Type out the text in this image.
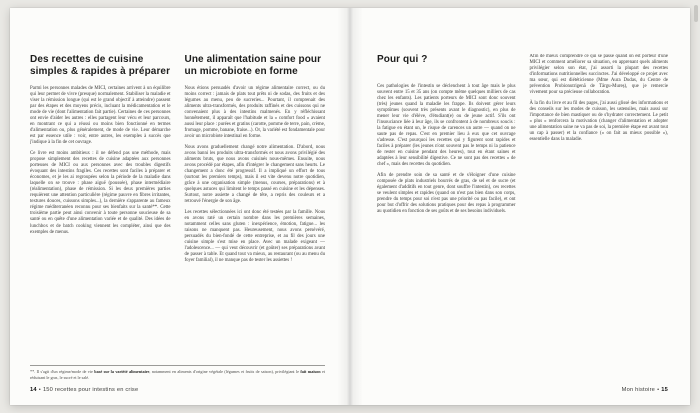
Des recettes de cuisine simples & rapides à préparer

Parmi les personnes malades de MICI, certaines arrivent à un équilibre qui leur permet de vivre (presque) normalement. Stabiliser la maladie et viser la rémission longue (qui est le grand objectif à atteindre) passent par des étapes et des moyens précis, incluant la médicamentation et le mode de vie (dont l'alimentation fait partie). Certaines de ces personnes ont envie d'aider les autres : elles partagent leur vécu et leur parcours, en montrant ce qui a réussi ou moins bien fonctionné en termes d'alimentation ou, plus généralement, de mode de vie. Leur démarche est par essence utile : voir, entre autres, les exemples à succès que j'indique à la fin de cet ouvrage.

Ce livre est moins ambitieux : il ne défend pas une méthode, mais propose simplement des recettes de cuisine adaptées aux personnes porteuses de MICI ou aux personnes avec des troubles digestifs évoquant des intestins fragiles. Ces recettes sont faciles à préparer et économes, et je les ai regroupées selon la période de la maladie dans laquelle on se trouve : phase aiguë (poussée), phase intermédiaire (réalimentation), phase de rémission. Si les deux premières parties requièrent une attention particulière (régime pauvre en fibres irritantes, textures douces, cuissons simples...), la dernière s'apparente au fameux régime méditerranéen reconnu pour ses bienfaits sur la santé**. Cette troisième partie peut ainsi convenir à toute personne soucieuse de sa santé ou en quête d'une alimentation variée et de qualité. Des idées de lunchbox et de batch cooking viennent les compléter, ainsi que des exemples de menus.

Une alimentation saine pour un microbiote en forme

Nous étions persuadés d'avoir un régime alimentaire correct, ou du moins correct : jamais de plats tout prêts ni de sodas, des fruits et des légumes au menu, peu de sucreries... Pourtant, il comprenait des aliments ultra-transformés, des produits raffinés et des cuissons qui ne convenaient plus à des intestins malmenés. En y réfléchissant honnêtement, il apparaît que l'habitude et la « comfort food » avaient aussi leur place : purées et gratins (carotte, pomme de terre, pain, crème, fromage, pomme, banane, fraise...). Or, la variété est fondamentale pour avoir un microbiote intestinal en forme.

Nous avons graduellement changé notre alimentation. D'abord, nous avons banni les produits ultra-transformés et nous avons privilégié des aliments bruts, que nous avons cuisinés nous-mêmes. Ensuite, nous avons procédé par étapes, afin d'intégrer le changement sans heurts. Le changement a donc été progressif. Il a impliqué un effort de tous (surtout les premiers temps), mais il est vite devenu notre quotidien, grâce à une organisation simple (menus, courses, préparations) et à quelques astuces qui limitent le temps passé en cuisine et les dépenses. Surtout, notre assiette a changé de tête, a repris des couleurs et a retrouvé l'énergie de son âge.

Les recettes sélectionnées ici ont donc été testées par la famille. Nous en avons raté un certain nombre dans les premières semaines, notamment celles sans gluten : inexpérience, émotion, fatigue... les raisons ne manquent pas. Heureusement, nous avons persévéré, persuadés du bien-fondé de cette entreprise, et au fil des jours une cuisine simple s'est mise en place. Avec un malade exigeant — l'adolescence... — qui veut découvrir (et goûter) ses préparations avant de passer à table. Et quand tout va mieux, au restaurant (ou au menu du foyer familial), il ne manque pas de tester les assiettes !

**. Il s'agit d'un régime/mode de vie basé sur la variété alimentaire, notamment en aliments d'origine végétale (légumes et fruits de saison), privilégiant le fait maison et réduisant le gras, le sucré et le salé.

14 • 150 recettes pour intestins en crise
Pour qui ?

Ces pathologies de l'intestin se déclenchent à tout âge mais le plus souvent entre 15 et 35 ans (on compte même quelques milliers de cas chez les enfants). Les patients porteurs de MICI sont donc souvent (très) jeunes quand la maladie les frappe. Ils doivent gérer leurs symptômes (souvent très présents avant le diagnostic), en plus de mener leur vie d'élève, d'étudiant(e) ou de jeune actif. S'ils ont l'insouciance liée à leur âge, ils se confrontent à de nombreux soucis : la fatigue en étant un, le risque de carences un autre — quand on ne saute pas de repas. C'est en premier lieu à eux que cet ouvrage s'adresse. C'est pourquoi les recettes qui y figurent sont rapides et faciles à préparer (les jeunes n'ont souvent pas le temps ni la patience de rester en cuisine pendant des heures), tout en étant saines et adaptées à leur sensibilité digestive. Ce ne sont pas des recettes « de chef », mais des recettes du quotidien.

Afin de prendre soin de sa santé et de s'éloigner d'une cuisine composée de plats industriels bourrés de gras, de sel et de sucre (et également d'additifs en tout genre, dont souffre l'intestin), ces recettes se veulent simples et rapides (quand on n'est pas bien dans son corps, prendre du temps pour soi n'est pas une priorité ou pas facile), et ont pour but d'offrir des solutions pratiques pour des repas à programmer au quotidien en fonction de ses goûts et de ses besoins individuels.

Afin de mieux comprendre ce qui se passe quand on est porteur d'une MICI et comment améliorer sa situation, en apprenant quels aliments privilégier selon son état, j'ai assorti la plupart des recettes d'informations nutritionnelles succinctes. J'ai développé ce projet avec ma sœur, qui est diététicienne (Mme Aura Dudas, du Centre de prévention Probionutrigenă de Târgu-Mureș), que je remercie vivement pour sa précieuse collaboration.

À la fin du livre et au fil des pages, j'ai aussi glissé des informations et des conseils sur les modes de cuisson, les ustensiles, mais aussi sur l'importance de bien mastiquer ou de s'hydrater correctement. Le petit « plus » renforcera la motivation (changer d'alimentation et adopter une alimentation saine ne va pas de soi, la première étape est avant tout un cap à passer) et la confiance (« on fait au mieux possible »), essentielle dans la maladie.

Mon histoire • 15
